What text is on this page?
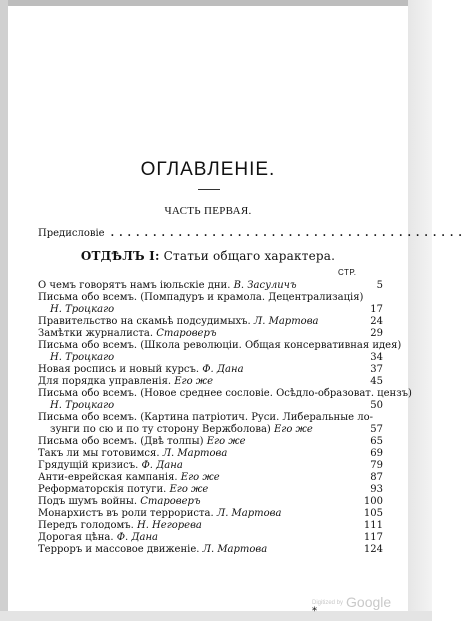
ОГЛАВЛЕНІЕ.
ЧАСТЬ ПЕРВАЯ.
Предисловіе ..........................................
ОТДѢЛЪ І: Статьи общаго характера.
СТР.
О чемъ говорятъ намъ іюльскіе дни. В. Засуличъ	5
Письма обо всемъ. (Помпадуръ и крамола. Децентрализація)
Н. Троцкаго	17
Правительство на скамьѣ подсудимыхъ. Л. Мартова	24
Замѣтки журналиста. Староверъ	29
Письма обо всемъ. (Школа революціи. Общая консервативная идея)
Н. Троцкаго	34
Новая роспись и новый курсъ. Ф. Дана	37
Для порядка управленія. Его же	45
Письма обо всемъ. (Новое среднее сословіе. Осѣдло-образоват. цензъ)
Н. Троцкаго	50
Письма обо всемъ. (Картина патріотич. Руси. Либеральные ло-
зунги по сю и по ту сторону Вержболова) Его же	57
Письма обо всемъ. (Двѣ толпы) Его же	65
Такъ ли мы готовимся. Л. Мартова	69
Грядущій кризисъ. Ф. Дана	79
Анти-еврейская кампанія. Его же	87
Реформаторскія потуги. Его же	93
Подъ шумъ войны. Староверъ	100
Монархистъ въ роли террориста. Л. Мартова	105
Передъ голодомъ. Н. Негорева	111
Дорогая цѣна. Ф. Дана	117
Терроръ и массовое движеніе. Л. Мартова	124
*
Digitized by Google
